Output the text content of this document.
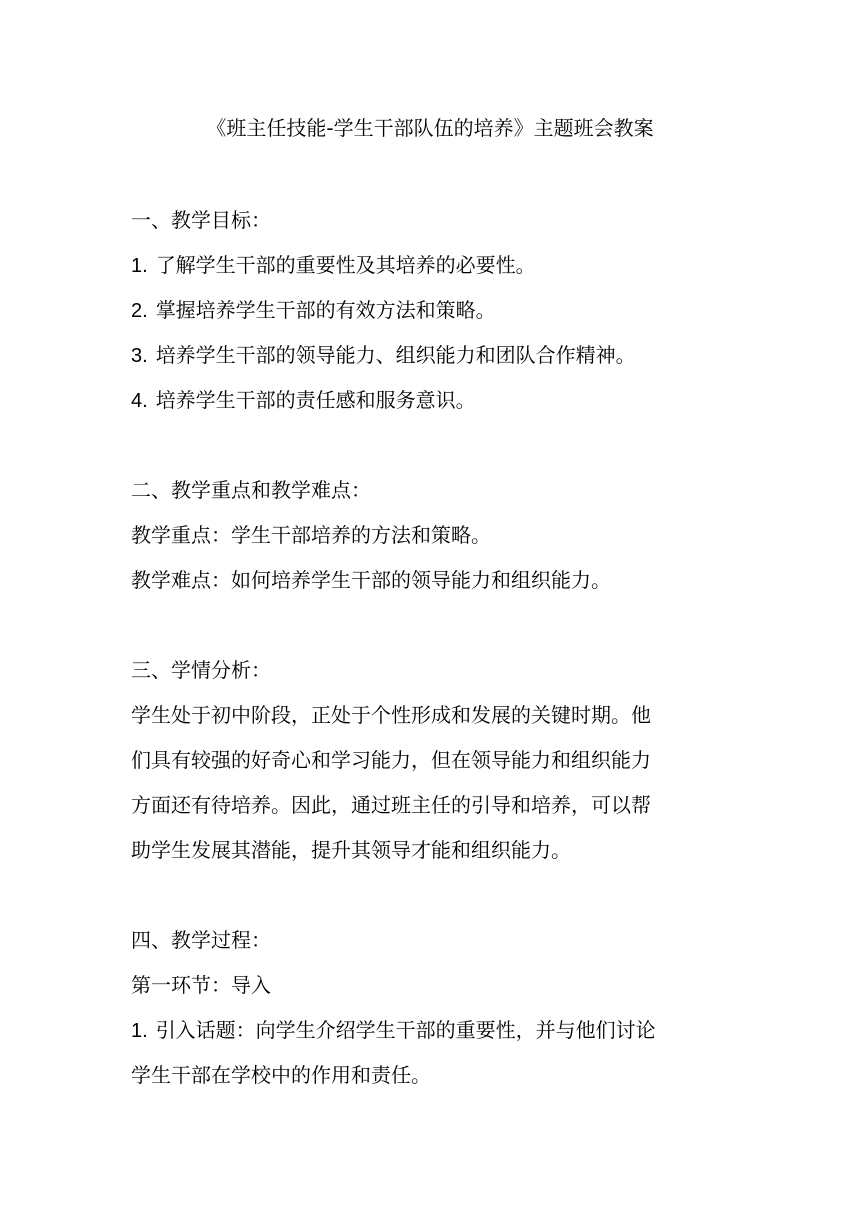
《班主任技能-学生干部队伍的培养》主题班会教案
一、教学目标：
1. 了解学生干部的重要性及其培养的必要性。
2. 掌握培养学生干部的有效方法和策略。
3. 培养学生干部的领导能力、组织能力和团队合作精神。
4. 培养学生干部的责任感和服务意识。
二、教学重点和教学难点：
教学重点：学生干部培养的方法和策略。
教学难点：如何培养学生干部的领导能力和组织能力。
三、学情分析：
学生处于初中阶段，正处于个性形成和发展的关键时期。他
们具有较强的好奇心和学习能力，但在领导能力和组织能力
方面还有待培养。因此，通过班主任的引导和培养，可以帮
助学生发展其潜能，提升其领导才能和组织能力。
四、教学过程：
第一环节：导入
1. 引入话题：向学生介绍学生干部的重要性，并与他们讨论
学生干部在学校中的作用和责任。
